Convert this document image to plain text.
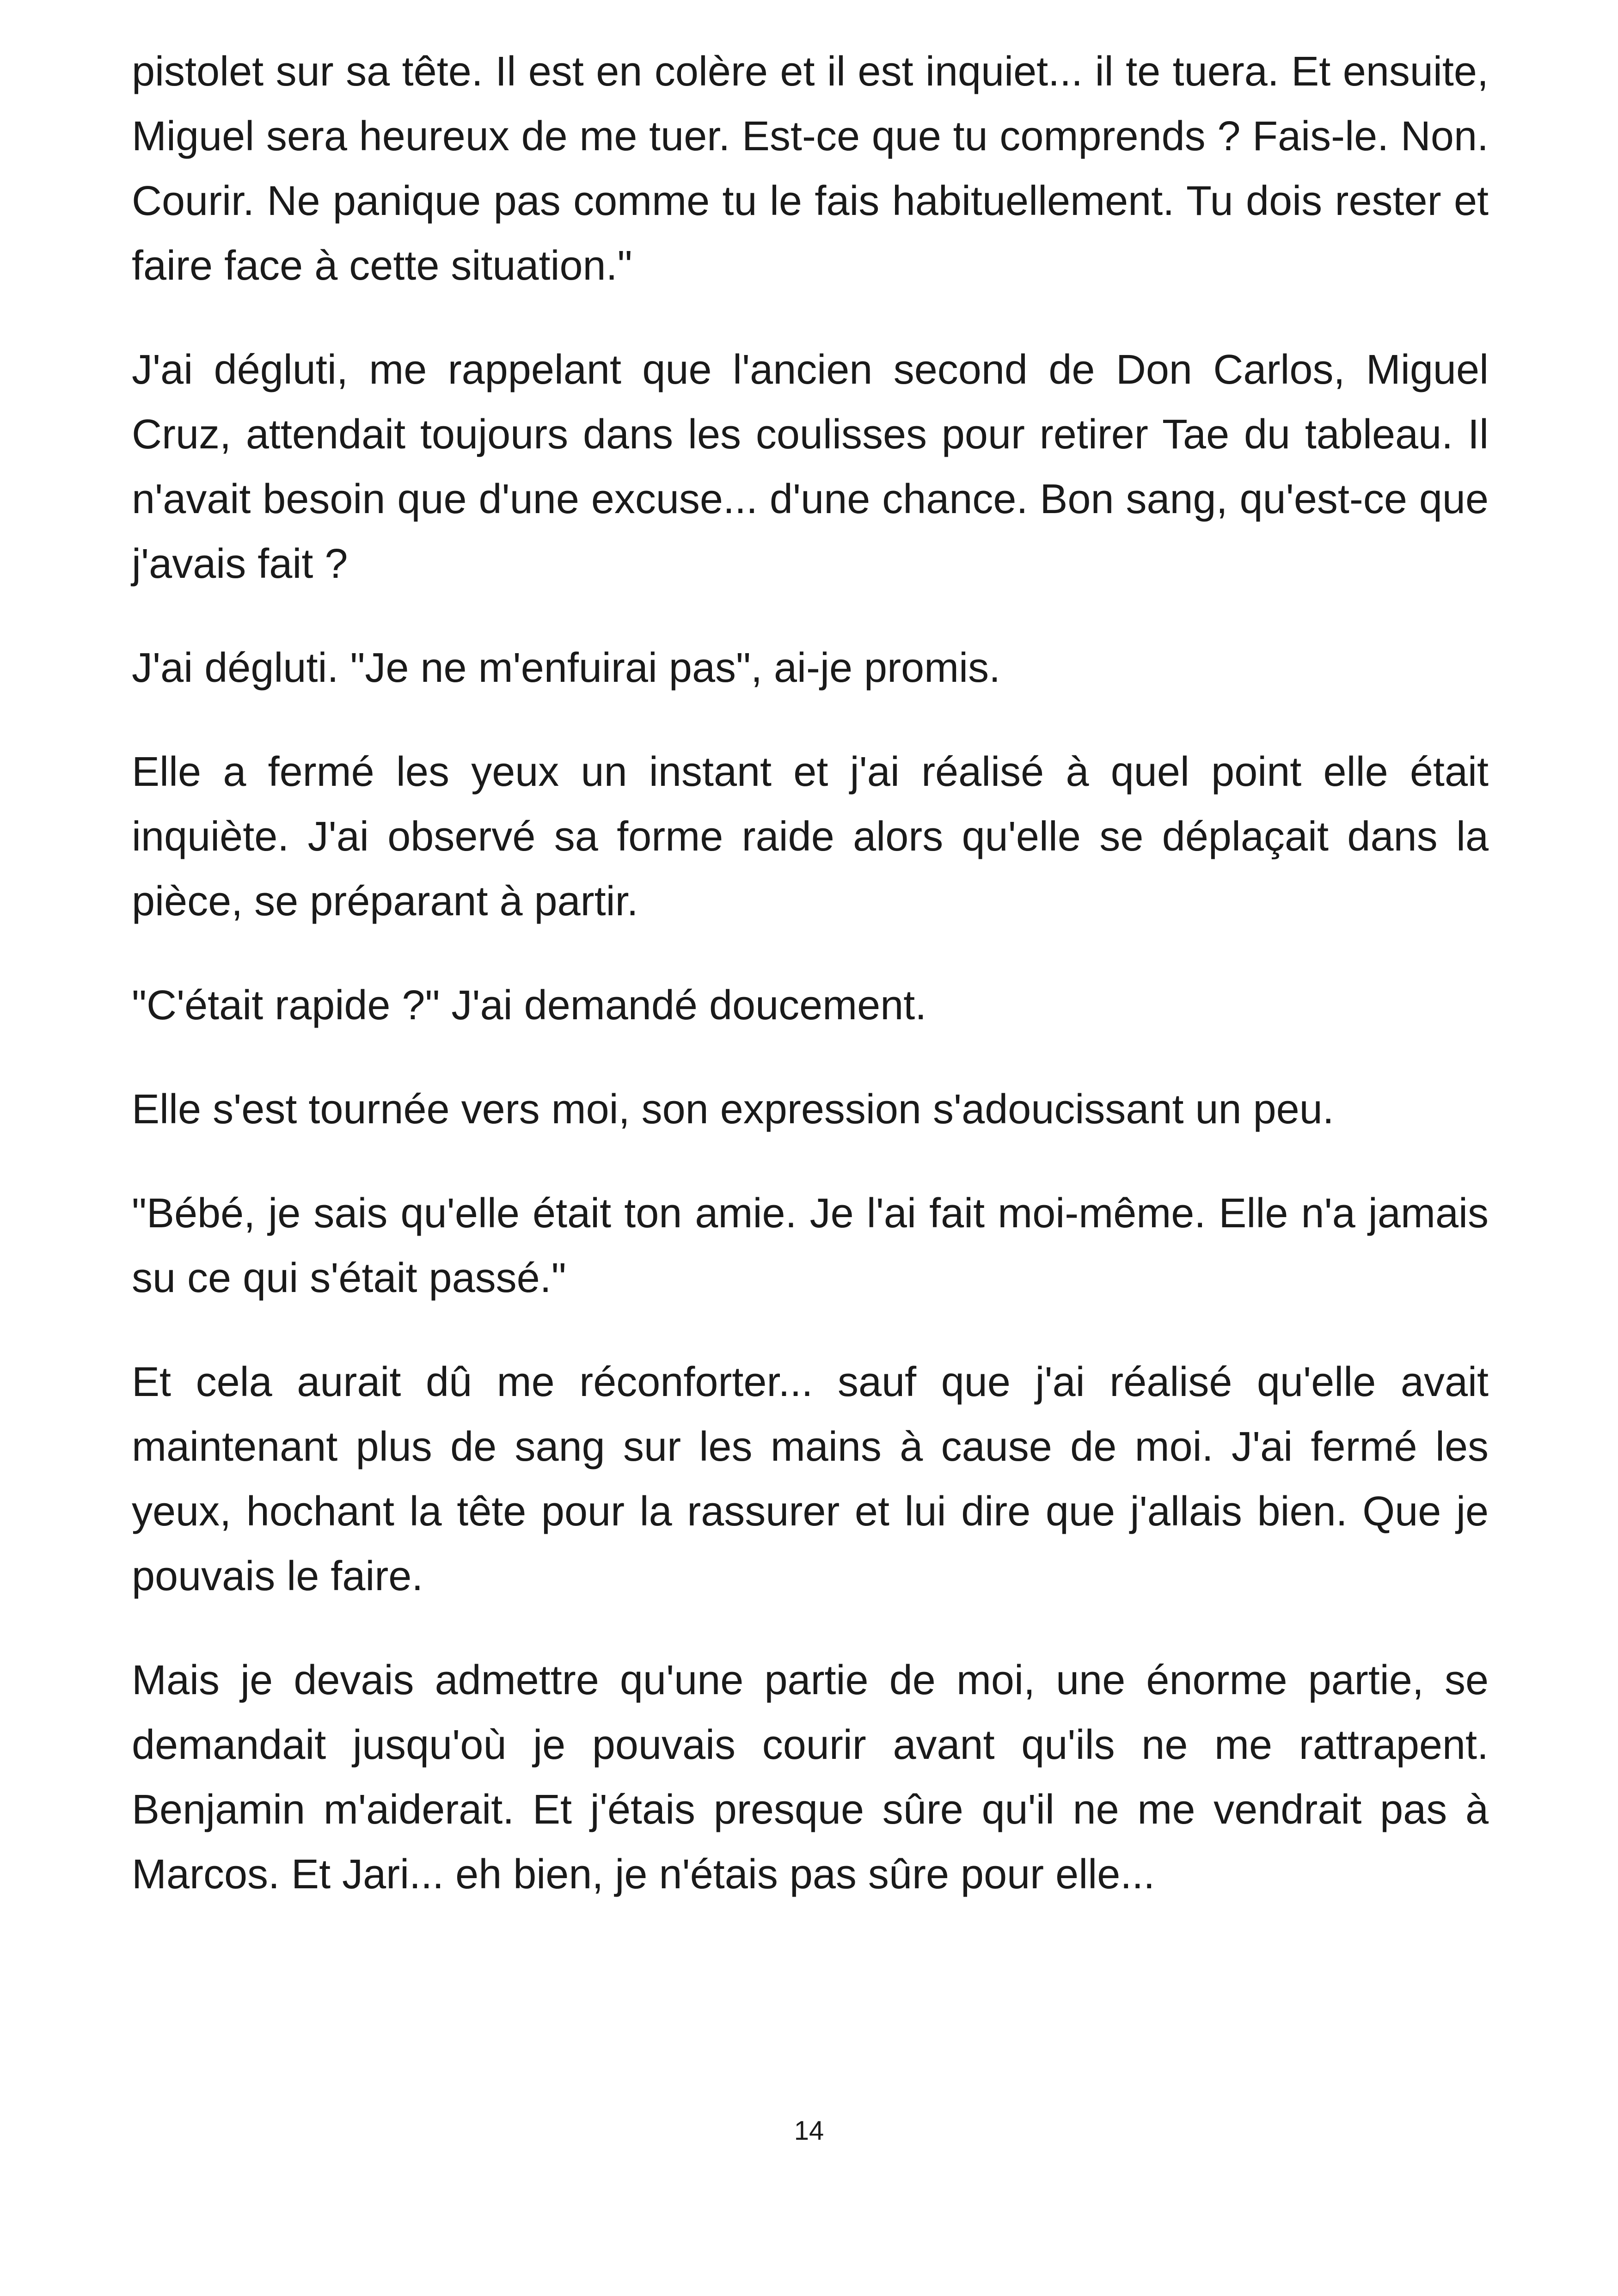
pistolet sur sa tête. Il est en colère et il est inquiet... il te tuera. Et ensuite, Miguel sera heureux de me tuer. Est-ce que tu comprends ? Fais-le. Non. Courir. Ne panique pas comme tu le fais habituellement. Tu dois rester et faire face à cette situation."

J'ai dégluti, me rappelant que l'ancien second de Don Carlos, Miguel Cruz, attendait toujours dans les coulisses pour retirer Tae du tableau. Il n'avait besoin que d'une excuse... d'une chance. Bon sang, qu'est-ce que j'avais fait ?

J'ai dégluti. "Je ne m'enfuirai pas", ai-je promis.

Elle a fermé les yeux un instant et j'ai réalisé à quel point elle était inquiète. J'ai observé sa forme raide alors qu'elle se déplaçait dans la pièce, se préparant à partir.

"C'était rapide ?" J'ai demandé doucement.

Elle s'est tournée vers moi, son expression s'adoucissant un peu.

"Bébé, je sais qu'elle était ton amie. Je l'ai fait moi-même. Elle n'a jamais su ce qui s'était passé."

Et cela aurait dû me réconforter... sauf que j'ai réalisé qu'elle avait maintenant plus de sang sur les mains à cause de moi. J'ai fermé les yeux, hochant la tête pour la rassurer et lui dire que j'allais bien. Que je pouvais le faire.

Mais je devais admettre qu'une partie de moi, une énorme partie, se demandait jusqu'où je pouvais courir avant qu'ils ne me rattrapent. Benjamin m'aiderait. Et j'étais presque sûre qu'il ne me vendrait pas à Marcos. Et Jari... eh bien, je n'étais pas sûre pour elle...

14
